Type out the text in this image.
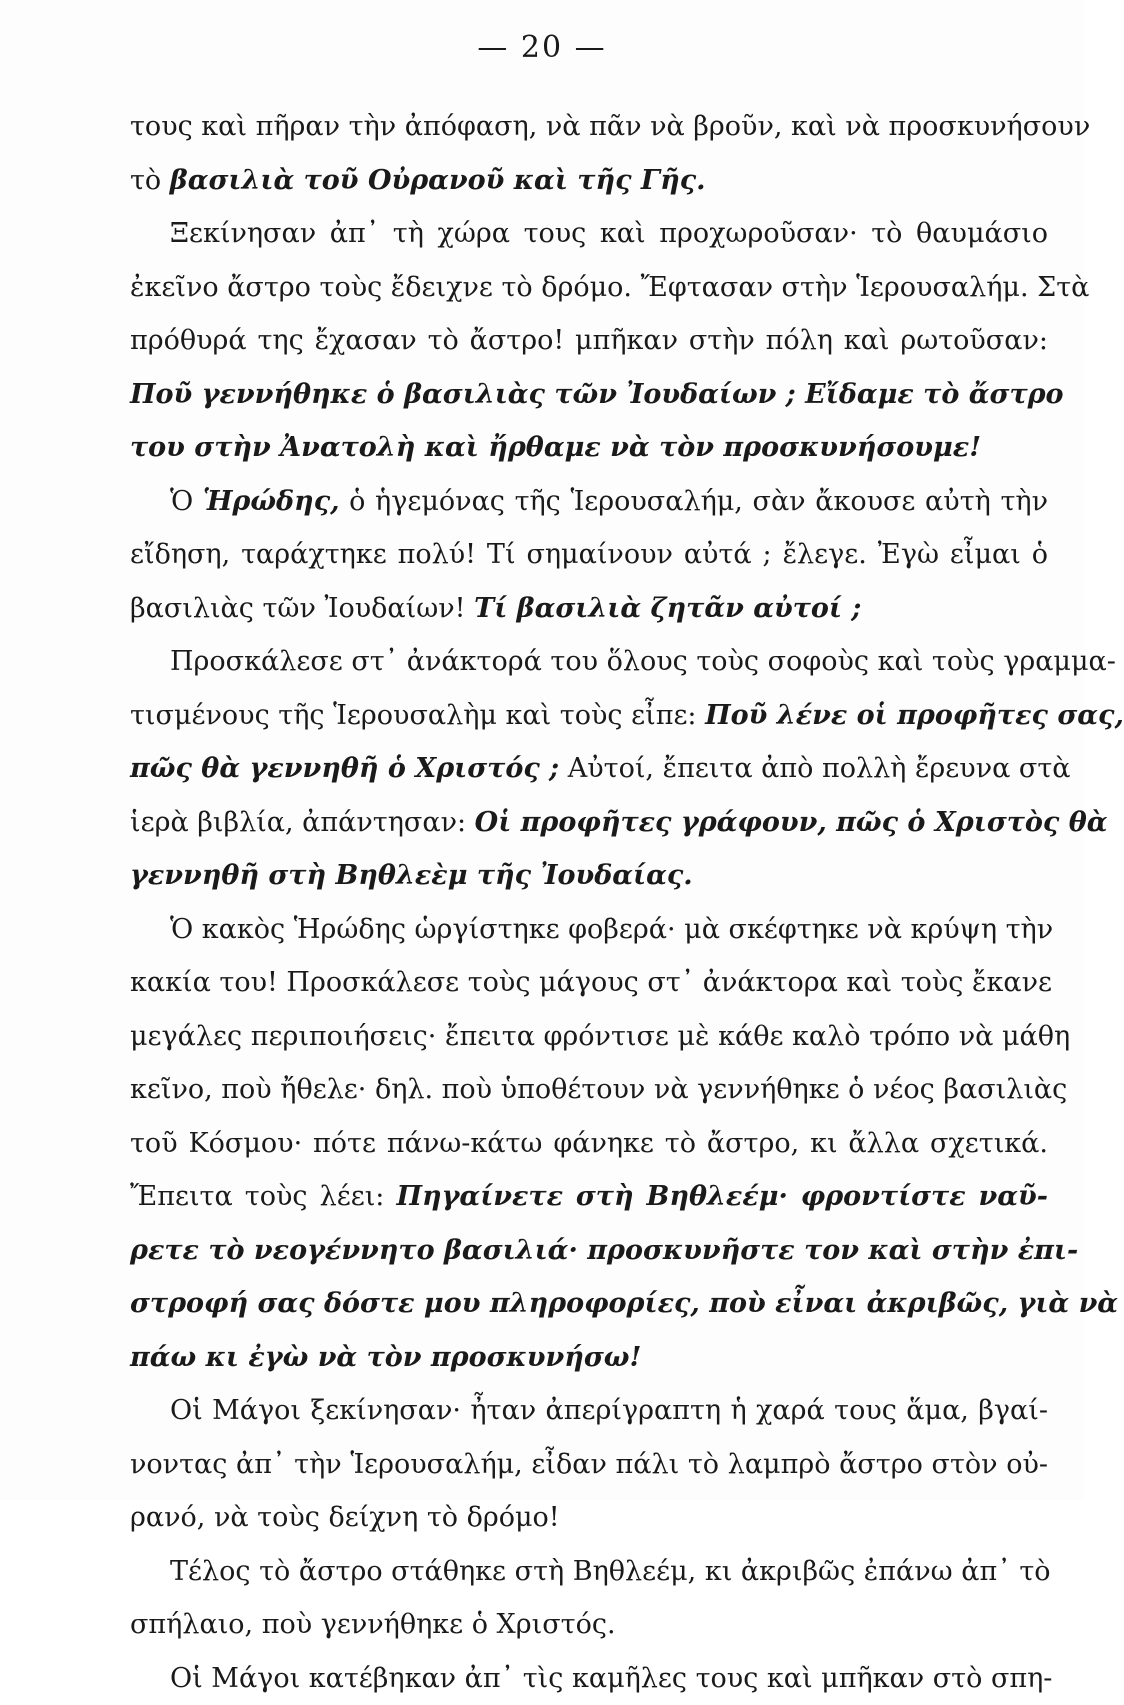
— 20 —
τους καὶ πῆραν τὴν ἀπόφαση, νὰ πᾶν νὰ βροῦν, καὶ νὰ προσκυνήσουν
τὸ βασιλιὰ τοῦ Οὐρανοῦ καὶ τῆς Γῆς.
Ξεκίνησαν ἀπ᾽ τὴ χώρα τους καὶ προχωροῦσαν· τὸ θαυμάσιο
ἐκεῖνο ἄστρο τοὺς ἔδειχνε τὸ δρόμο. Ἔφτασαν στὴν Ἱερουσαλήμ. Στὰ
πρόθυρά της ἔχασαν τὸ ἄστρο! μπῆκαν στὴν πόλη καὶ ρωτοῦσαν:
Ποῦ γεννήθηκε ὁ βασιλιὰς τῶν Ἰουδαίων ; Εἴδαμε τὸ ἄστρο
του στὴν Ἀνατολὴ καὶ ἤρθαμε νὰ τὸν προσκυνήσουμε!
Ὁ Ἡρώδης, ὁ ἡγεμόνας τῆς Ἱερουσαλήμ, σὰν ἄκουσε αὐτὴ τὴν
εἴδηση, ταράχτηκε πολύ! Τί σημαίνουν αὐτά ; ἔλεγε. Ἐγὼ εἶμαι ὁ
βασιλιὰς τῶν Ἰουδαίων! Τί βασιλιὰ ζητᾶν αὐτοί ;
Προσκάλεσε στ᾽ ἀνάκτορά του ὅλους τοὺς σοφοὺς καὶ τοὺς γραμμα-
τισμένους τῆς Ἱερουσαλὴμ καὶ τοὺς εἶπε: Ποῦ λένε οἱ προφῆτες σας,
πῶς θὰ γεννηθῆ ὁ Χριστός ; Αὐτοί, ἔπειτα ἀπὸ πολλὴ ἔρευνα στὰ
ἱερὰ βιβλία, ἀπάντησαν: Οἱ προφῆτες γράφουν, πῶς ὁ Χριστὸς θὰ
γεννηθῆ στὴ Βηθλεὲμ τῆς Ἰουδαίας.
Ὁ κακὸς Ἡρώδης ὡργίστηκε φοβερά· μὰ σκέφτηκε νὰ κρύψη τὴν
κακία του! Προσκάλεσε τοὺς μάγους στ᾽ ἀνάκτορα καὶ τοὺς ἔκανε
μεγάλες περιποιήσεις· ἔπειτα φρόντισε μὲ κάθε καλὸ τρόπο νὰ μάθη
κεῖνο, ποὺ ἤθελε· δηλ. ποὺ ὑποθέτουν νὰ γεννήθηκε ὁ νέος βασιλιὰς
τοῦ Κόσμου· πότε πάνω-κάτω φάνηκε τὸ ἄστρο, κι ἄλλα σχετικά.
Ἔπειτα τοὺς λέει: Πηγαίνετε στὴ Βηθλεέμ· φροντίστε ναῦ-
ρετε τὸ νεογέννητο βασιλιά· προσκυνῆστε τον καὶ στὴν ἐπι-
στροφή σας δόστε μου πληροφορίες, ποὺ εἶναι ἀκριβῶς, γιὰ νὰ
πάω κι ἐγὼ νὰ τὸν προσκυνήσω!
Οἱ Μάγοι ξεκίνησαν· ἦταν ἀπερίγραπτη ἡ χαρά τους ἅμα, βγαί-
νοντας ἀπ᾽ τὴν Ἱερουσαλήμ, εἶδαν πάλι τὸ λαμπρὸ ἄστρο στὸν οὐ-
ρανό, νὰ τοὺς δείχνη τὸ δρόμο!
Τέλος τὸ ἄστρο στάθηκε στὴ Βηθλεέμ, κι ἀκριβῶς ἐπάνω ἀπ᾽ τὸ
σπήλαιο, ποὺ γεννήθηκε ὁ Χριστός.
Οἱ Μάγοι κατέβηκαν ἀπ᾽ τὶς καμῆλες τους καὶ μπῆκαν στὸ σπη-
